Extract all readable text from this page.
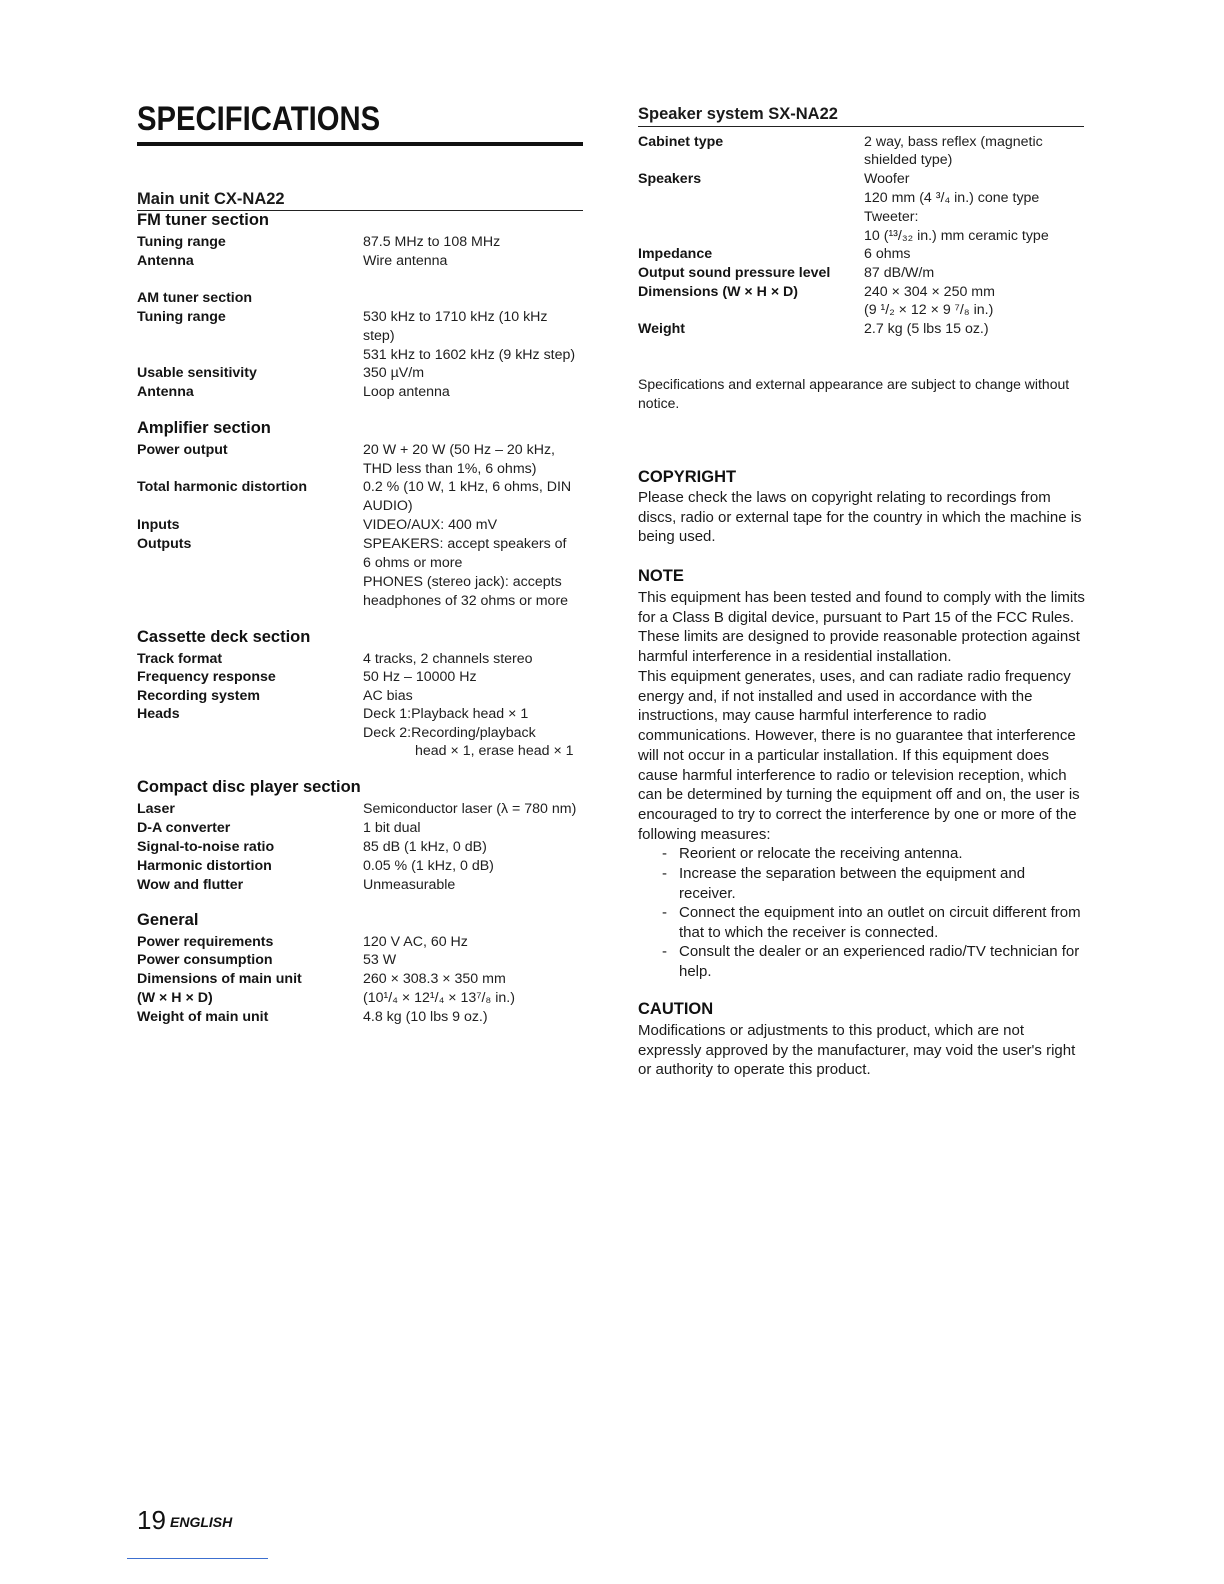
SPECIFICATIONS
Main unit CX-NA22
FM tuner section
Tuning range	87.5 MHz to 108 MHz
Antenna	Wire antenna
AM tuner section
Tuning range	530 kHz to 1710 kHz (10 kHz
step)
531 kHz to 1602 kHz (9 kHz step)
Usable sensitivity	350 µV/m
Antenna	Loop antenna
Amplifier section
Power output	20 W + 20 W (50 Hz – 20 kHz,
THD less than 1%, 6 ohms)
Total harmonic distortion	0.2 % (10 W, 1 kHz, 6 ohms, DIN
AUDIO)
Inputs	VIDEO/AUX: 400 mV
Outputs	SPEAKERS: accept speakers of
6 ohms or more
PHONES (stereo jack): accepts
headphones of 32 ohms or more
Cassette deck section
Track format	4 tracks, 2 channels stereo
Frequency response	50 Hz – 10000 Hz
Recording system	AC bias
Heads	Deck 1:Playback head × 1
Deck 2:Recording/playback
head × 1, erase head × 1
Compact disc player section
Laser	Semiconductor laser (λ = 780 nm)
D-A converter	1 bit dual
Signal-to-noise ratio	85 dB (1 kHz, 0 dB)
Harmonic distortion	0.05 % (1 kHz, 0 dB)
Wow and flutter	Unmeasurable
General
Power requirements	120 V AC, 60 Hz
Power consumption	53 W
Dimensions of main unit	260 × 308.3 × 350 mm
(W × H × D)	(10¹/₄ × 12¹/₄ × 13⁷/₈ in.)
Weight of main unit	4.8 kg (10 lbs 9 oz.)
Speaker system SX-NA22
Cabinet type	2 way, bass reflex (magnetic
shielded type)
Speakers	Woofer
120 mm (4 ³/₄ in.) cone type
Tweeter:
10 (¹³/₃₂ in.) mm ceramic type
Impedance	6 ohms
Output sound pressure level 87 dB/W/m
Dimensions (W × H × D)	240 × 304 × 250 mm
(9 ¹/₂ × 12 × 9 ⁷/₈ in.)
Weight	2.7 kg (5 lbs 15 oz.)
Specifications and external appearance are subject to change without notice.
COPYRIGHT
Please check the laws on copyright relating to recordings from discs, radio or external tape for the country in which the machine is being used.
NOTE
This equipment has been tested and found to comply with the limits for a Class B digital device, pursuant to Part 15 of the FCC Rules. These limits are designed to provide reasonable protection against harmful interference in a residential installation.
This equipment generates, uses, and can radiate radio frequency energy and, if not installed and used in accordance with the instructions, may cause harmful interference to radio communications. However, there is no guarantee that interference will not occur in a particular installation. If this equipment does cause harmful interference to radio or television reception, which can be determined by turning the equipment off and on, the user is encouraged to try to correct the interference by one or more of the following measures:
- Reorient or relocate the receiving antenna.
- Increase the separation between the equipment and receiver.
- Connect the equipment into an outlet on circuit different from that to which the receiver is connected.
- Consult the dealer or an experienced radio/TV technician for help.
CAUTION
Modifications or adjustments to this product, which are not expressly approved by the manufacturer, may void the user's right or authority to operate this product.
19 ENGLISH
